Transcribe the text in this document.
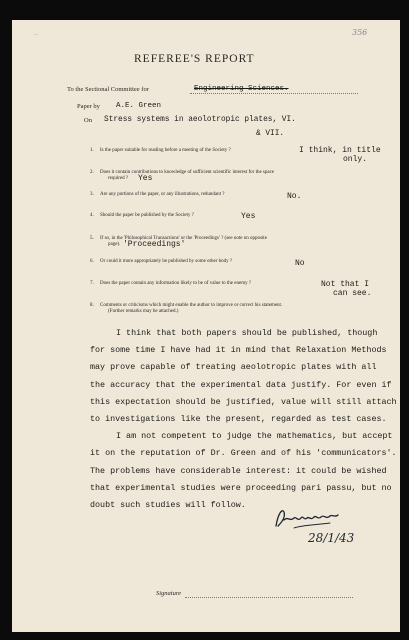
356
...
REFEREE'S REPORT
To the Sectional Committee for	Engineering Sciences.
Paper by A.E. Green
On Stress systems in aeolotropic plates, VI.
& VII.
1. Is the paper suitable for reading before a meeting of the Society ?	I think, in title
only.
2. Does it contain contributions to knowledge of sufficient scientific interest for the space
required ? Yes
3. Are any portions of the paper, or any illustrations, redundant ?	No.
4. Should the paper be published by the Society ?	Yes
5. If so, in the 'Philosophical Transactions' or the 'Proceedings' ? (see note on opposite
page). 'Proceedings'
6. Or could it more appropriately be published by some other body ?	No
7. Does the paper contain any information likely to be of value to the enemy ?	Not that I
can see.
8. Comments or criticisms which might enable the author to improve or correct his statement.
(Further remarks may be attached.)
I think that both papers should be published, though
for some time I have had it in mind that Relaxation Methods
may prove capable of treating aeolotropic plates with all
the accuracy that the experimental data justify. For even if
this expectation should be justified, value will still attach
to investigations like the present, regarded as test cases.
I am not competent to judge the mathematics, but accept
it on the reputation of Dr. Green and of his 'communicators'.
The problems have considerable interest: it could be wished
that experimental studies were proceeding pari passu, but no
doubt such studies will follow.
28/1/43
Signature
